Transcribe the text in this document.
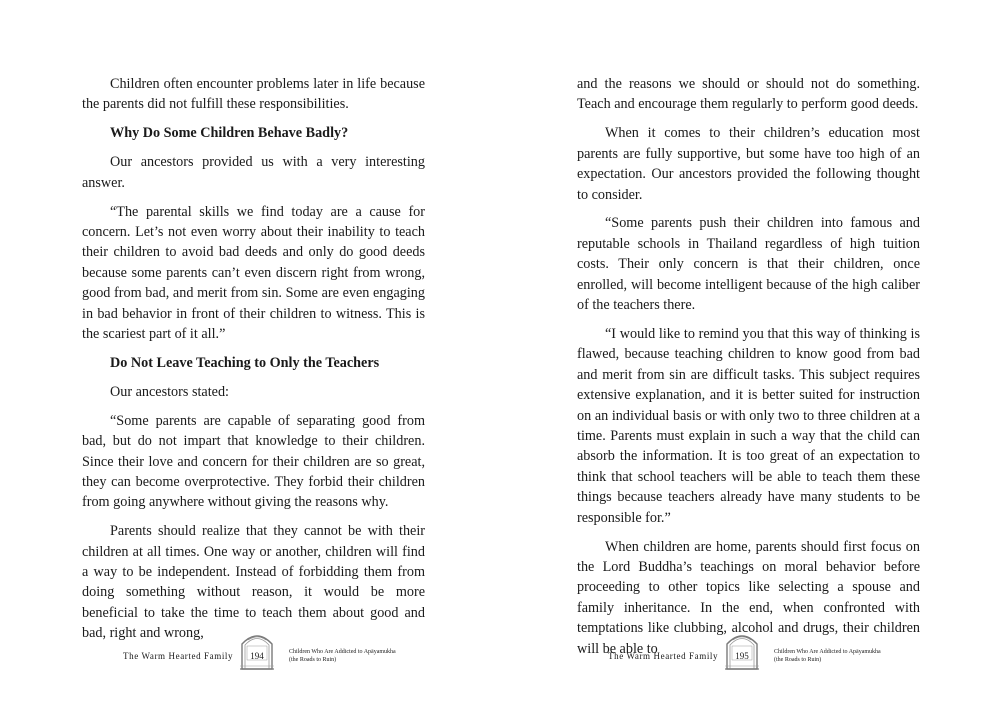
Children often encounter problems later in life because the parents did not fulfill these responsibilities.

Why Do Some Children Behave Badly?

Our ancestors provided us with a very interesting answer.

“The parental skills we find today are a cause for concern. Let’s not even worry about their inability to teach their children to avoid bad deeds and only do good deeds because some parents can’t even discern right from wrong, good from bad, and merit from sin. Some are even engaging in bad behavior in front of their children to witness. This is the scariest part of it all.”

Do Not Leave Teaching to Only the Teachers

Our ancestors stated:

“Some parents are capable of separating good from bad, but do not impart that knowledge to their children. Since their love and concern for their children are so great, they can become overprotective. They forbid their children from going anywhere without giving the reasons why.

Parents should realize that they cannot be with their children at all times. One way or another, children will find a way to be independent. Instead of forbidding them from doing something without reason, it would be more beneficial to take the time to teach them about good and bad, right and wrong,

The Warm Hearted Family	194	Children Who Are Addicted to Apāyamukha
(the Roads to Ruin)

and the reasons we should or should not do something. Teach and encourage them regularly to perform good deeds.

When it comes to their children’s education most parents are fully supportive, but some have too high of an expectation. Our ancestors provided the following thought to consider.

“Some parents push their children into famous and reputable schools in Thailand regardless of high tuition costs. Their only concern is that their children, once enrolled, will become intelligent because of the high caliber of the teachers there.

“I would like to remind you that this way of thinking is flawed, because teaching children to know good from bad and merit from sin are difficult tasks. This subject requires extensive explanation, and it is better suited for instruction on an individual basis or with only two to three children at a time. Parents must explain in such a way that the child can absorb the information. It is too great of an expectation to think that school teachers will be able to teach them these things because teachers already have many students to be responsible for.”

When children are home, parents should first focus on the Lord Buddha’s teachings on moral behavior before proceeding to other topics like selecting a spouse and family inheritance. In the end, when confronted with temptations like clubbing, alcohol and drugs, their children will be able to

The Warm Hearted Family	195	Children Who Are Addicted to Apāyamukha
(the Roads to Ruin)
